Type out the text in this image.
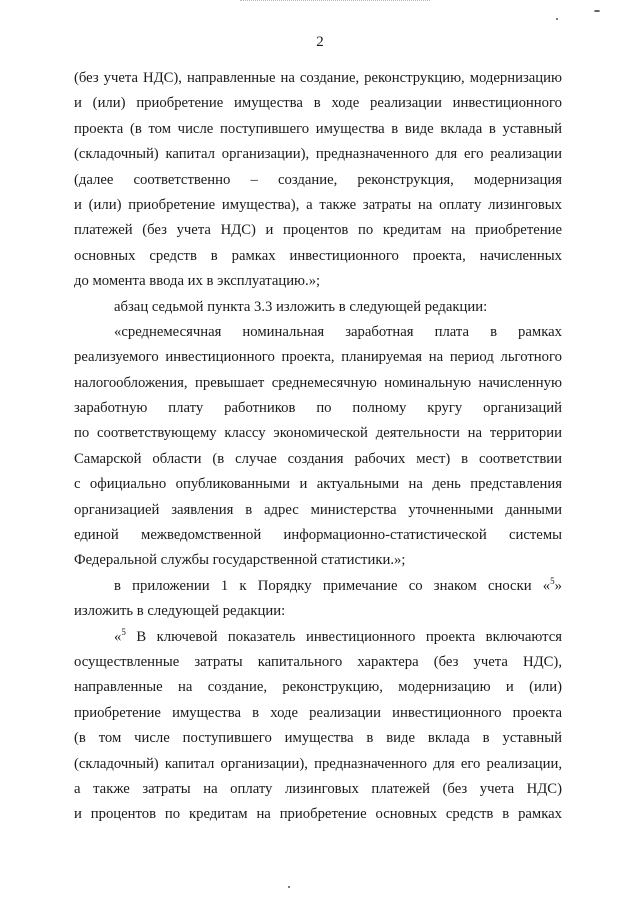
2
(без учета НДС), направленные на создание, реконструкцию, модернизацию
и (или) приобретение имущества в ходе реализации инвестиционного
проекта (в том числе поступившего имущества в виде вклада в уставный
(складочный) капитал организации), предназначенного для его реализации
(далее соответственно – создание, реконструкция, модернизация
и (или) приобретение имущества), а также затраты на оплату лизинговых
платежей (без учета НДС) и процентов по кредитам на приобретение
основных средств в рамках инвестиционного проекта, начисленных
до момента ввода их в эксплуатацию.»;
абзац седьмой пункта 3.3 изложить в следующей редакции:
«среднемесячная номинальная заработная плата в рамках
реализуемого инвестиционного проекта, планируемая на период льготного
налогообложения, превышает среднемесячную номинальную начисленную
заработную плату работников по полному кругу организаций
по соответствующему классу экономической деятельности на территории
Самарской области (в случае создания рабочих мест) в соответствии
с официально опубликованными и актуальными на день представления
организацией заявления в адрес министерства уточненными данными
единой межведомственной информационно-статистической системы
Федеральной службы государственной статистики.»;
в приложении 1 к Порядку примечание со знаком сноски «$^5$»
изложить в следующей редакции:
«$^5$ В ключевой показатель инвестиционного проекта включаются
осуществленные затраты капитального характера (без учета НДС),
направленные на создание, реконструкцию, модернизацию и (или)
приобретение имущества в ходе реализации инвестиционного проекта
(в том числе поступившего имущества в виде вклада в уставный
(складочный) капитал организации), предназначенного для его реализации,
а также затраты на оплату лизинговых платежей (без учета НДС)
и процентов по кредитам на приобретение основных средств в рамках
